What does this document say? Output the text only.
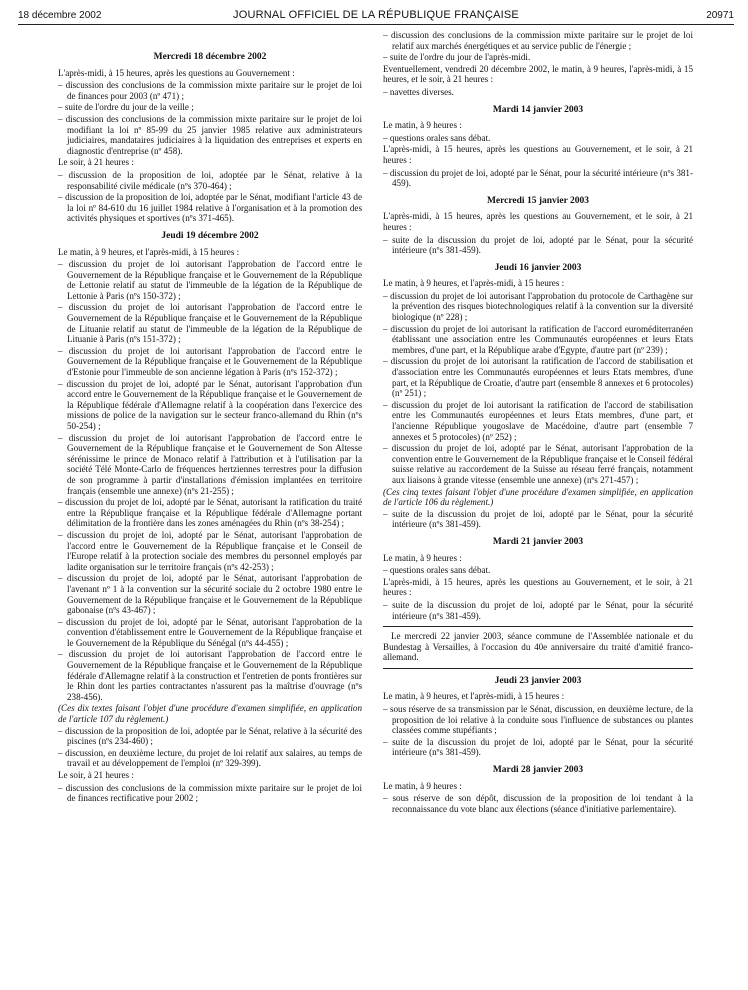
18 décembre 2002	JOURNAL OFFICIEL DE LA RÉPUBLIQUE FRANÇAISE	20971
Mercredi 18 décembre 2002

L'après-midi, à 15 heures, après les questions au Gouvernement :

– discussion des conclusions de la commission mixte paritaire sur le projet de loi de finances pour 2003 (nº 471) ;

– suite de l'ordre du jour de la veille ;

– discussion des conclusions de la commission mixte paritaire sur le projet de loi modifiant la loi nº 85-99 du 25 janvier 1985 relative aux administrateurs judiciaires, mandataires judiciaires à la liquidation des entreprises et experts en diagnostic d'entreprise (nº 458).

Le soir, à 21 heures :

– discussion de la proposition de loi, adoptée par le Sénat, relative à la responsabilité civile médicale (nºs 370-464) ;

– discussion de la proposition de loi, adoptée par le Sénat, modifiant l'article 43 de la loi nº 84-610 du 16 juillet 1984 relative à l'organisation et à la promotion des activités physiques et sportives (nºs 371-465).

Jeudi 19 décembre 2002

Le matin, à 9 heures, et l'après-midi, à 15 heures :

– discussion du projet de loi autorisant l'approbation de l'accord entre le Gouvernement de la République française et le Gouvernement de la République de Lettonie relatif au statut de l'immeuble de la légation de la République de Lettonie à Paris (nºs 150-372) ;

– discussion du projet de loi autorisant l'approbation de l'accord entre le Gouvernement de la République française et le Gouvernement de la République de Lituanie relatif au statut de l'immeuble de la légation de la République de Lituanie à Paris (nºs 151-372) ;

– discussion du projet de loi autorisant l'approbation de l'accord entre le Gouvernement de la République française et le Gouvernement de la République d'Estonie pour l'immeuble de son ancienne légation à Paris (nºs 152-372) ;

– discussion du projet de loi, adopté par le Sénat, autorisant l'approbation d'un accord entre le Gouvernement de la République française et le Gouvernement de la République fédérale d'Allemagne relatif à la coopération dans l'exercice des missions de police de la navigation sur le secteur franco-allemand du Rhin (nºs 50-254) ;

– discussion du projet de loi autorisant l'approbation de l'accord entre le Gouvernement de la République française et le Gouvernement de Son Altesse sérénissime le prince de Monaco relatif à l'attribution et à l'utilisation par la société Télé Monte-Carlo de fréquences hertziennes terrestres pour la diffusion de son programme à partir d'installations d'émission implantées en territoire français (ensemble une annexe) (nºs 21-255) ;

– discussion du projet de loi, adopté par le Sénat, autorisant la ratification du traité entre la République française et la République fédérale d'Allemagne portant délimitation de la frontière dans les zones aménagées du Rhin (nºs 38-254) ;

– discussion du projet de loi, adopté par le Sénat, autorisant l'approbation de l'accord entre le Gouvernement de la République française et le Conseil de l'Europe relatif à la protection sociale des membres du personnel employés par ladite organisation sur le territoire français (nºs 42-253) ;

– discussion du projet de loi, adopté par le Sénat, autorisant l'approbation de l'avenant nº 1 à la convention sur la sécurité sociale du 2 octobre 1980 entre le Gouvernement de la République française et le Gouvernement de la République gabonaise (nºs 43-467) ;

– discussion du projet de loi, adopté par le Sénat, autorisant l'approbation de la convention d'établissement entre le Gouvernement de la République française et le Gouvernement de la République du Sénégal (nºs 44-455) ;

– discussion du projet de loi autorisant l'approbation de l'accord entre le Gouvernement de la République française et le Gouvernement de la République fédérale d'Allemagne relatif à la construction et l'entretien de ponts frontières sur le Rhin dont les parties contractantes n'assurent pas la maîtrise d'ouvrage (nºs 238-456).

(Ces dix textes faisant l'objet d'une procédure d'examen simplifiée, en application de l'article 107 du règlement.)

– discussion de la proposition de loi, adoptée par le Sénat, relative à la sécurité des piscines (nºs 234-460) ;

– discussion, en deuxième lecture, du projet de loi relatif aux salaires, au temps de travail et au développement de l'emploi (nº 329-399).

Le soir, à 21 heures :

– discussion des conclusions de la commission mixte paritaire sur le projet de loi de finances rectificative pour 2002 ;

– discussion des conclusions de la commission mixte paritaire sur le projet de loi relatif aux marchés énergétiques et au service public de l'énergie ;

– suite de l'ordre du jour de l'après-midi.

Eventuellement, vendredi 20 décembre 2002, le matin, à 9 heures, l'après-midi, à 15 heures, et le soir, à 21 heures :

– navettes diverses.

Mardi 14 janvier 2003

Le matin, à 9 heures :

– questions orales sans débat.

L'après-midi, à 15 heures, après les questions au Gouvernement, et le soir, à 21 heures :

– discussion du projet de loi, adopté par le Sénat, pour la sécurité intérieure (nºs 381-459).

Mercredi 15 janvier 2003

L'après-midi, à 15 heures, après les questions au Gouvernement, et le soir, à 21 heures :

– suite de la discussion du projet de loi, adopté par le Sénat, pour la sécurité intérieure (nºs 381-459).

Jeudi 16 janvier 2003

Le matin, à 9 heures, et l'après-midi, à 15 heures :

– discussion du projet de loi autorisant l'approbation du protocole de Carthagène sur la prévention des risques biotechnologiques relatif à la convention sur la diversité biologique (nº 228) ;

– discussion du projet de loi autorisant la ratification de l'accord euroméditerranéen établissant une association entre les Communautés européennes et leurs Etats membres, d'une part, et la République arabe d'Egypte, d'autre part (nº 239) ;

– discussion du projet de loi autorisant la ratification de l'accord de stabilisation et d'association entre les Communautés européennes et leurs Etats membres, d'une part, et la République de Croatie, d'autre part (ensemble 8 annexes et 6 protocoles) (nº 251) ;

– discussion du projet de loi autorisant la ratification de l'accord de stabilisation entre les Communautés européennes et leurs Etats membres, d'une part, et l'ancienne République yougoslave de Macédoine, d'autre part (ensemble 7 annexes et 5 protocoles) (nº 252) ;

– discussion du projet de loi, adopté par le Sénat, autorisant l'approbation de la convention entre le Gouvernement de la République française et le Conseil fédéral suisse relative au raccordement de la Suisse au réseau ferré français, notamment aux liaisons à grande vitesse (ensemble une annexe) (nºs 271-457) ;

(Ces cinq textes faisant l'objet d'une procédure d'examen simplifiée, en application de l'article 106 du règlement.)

– suite de la discussion du projet de loi, adopté par le Sénat, pour la sécurité intérieure (nºs 381-459).

Mardi 21 janvier 2003

Le matin, à 9 heures :

– questions orales sans débat.

L'après-midi, à 15 heures, après les questions au Gouvernement, et le soir, à 21 heures :

– suite de la discussion du projet de loi, adopté par le Sénat, pour la sécurité intérieure (nºs 381-459).

Le mercredi 22 janvier 2003, séance commune de l'Assemblée nationale et du Bundestag à Versailles, à l'occasion du 40e anniversaire du traité d'amitié franco-allemand.

Jeudi 23 janvier 2003

Le matin, à 9 heures, et l'après-midi, à 15 heures :

– sous réserve de sa transmission par le Sénat, discussion, en deuxième lecture, de la proposition de loi relative à la conduite sous l'influence de substances ou plantes classées comme stupéfiants ;

– suite de la discussion du projet de loi, adopté par le Sénat, pour la sécurité intérieure (nºs 381-459).

Mardi 28 janvier 2003

Le matin, à 9 heures :

– sous réserve de son dépôt, discussion de la proposition de loi tendant à la reconnaissance du vote blanc aux élections (séance d'initiative parlementaire).
